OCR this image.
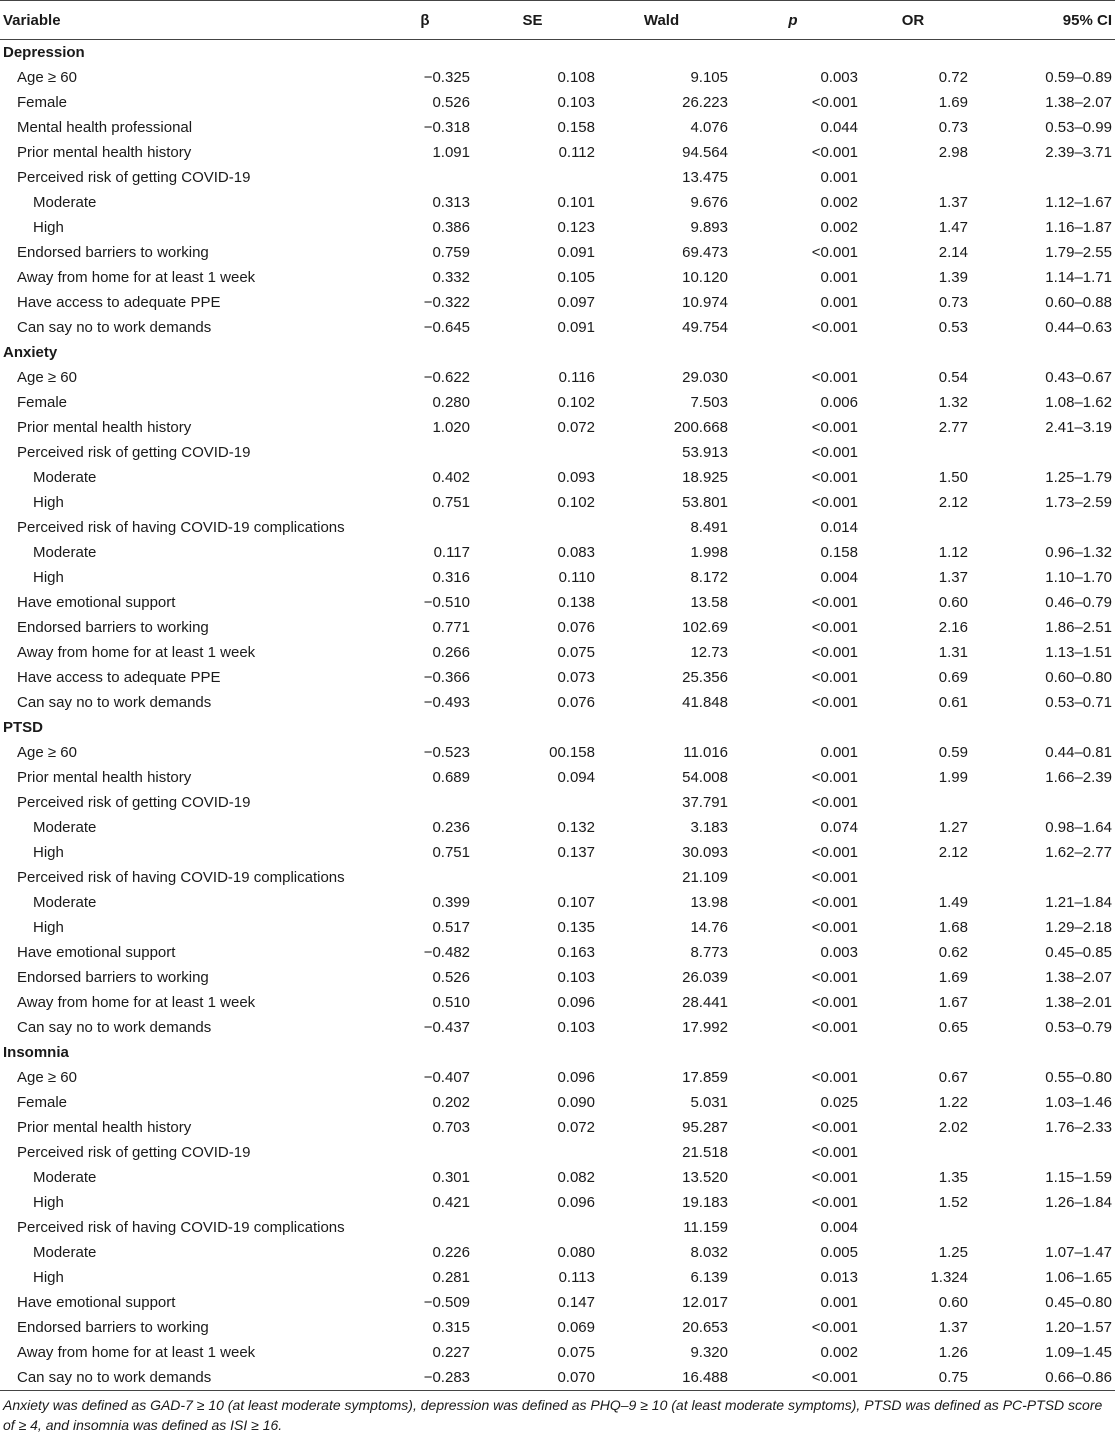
Variable	β	SE	Wald	p	OR	95% CI
Depression						
Age ≥ 60	−0.325	0.108	9.105	0.003	0.72	0.59–0.89
Female	0.526	0.103	26.223	<0.001	1.69	1.38–2.07
Mental health professional	−0.318	0.158	4.076	0.044	0.73	0.53–0.99
Prior mental health history	1.091	0.112	94.564	<0.001	2.98	2.39–3.71
Perceived risk of getting COVID-19			13.475	0.001		
Moderate	0.313	0.101	9.676	0.002	1.37	1.12–1.67
High	0.386	0.123	9.893	0.002	1.47	1.16–1.87
Endorsed barriers to working	0.759	0.091	69.473	<0.001	2.14	1.79–2.55
Away from home for at least 1 week	0.332	0.105	10.120	0.001	1.39	1.14–1.71
Have access to adequate PPE	−0.322	0.097	10.974	0.001	0.73	0.60–0.88
Can say no to work demands	−0.645	0.091	49.754	<0.001	0.53	0.44–0.63
Anxiety						
Age ≥ 60	−0.622	0.116	29.030	<0.001	0.54	0.43–0.67
Female	0.280	0.102	7.503	0.006	1.32	1.08–1.62
Prior mental health history	1.020	0.072	200.668	<0.001	2.77	2.41–3.19
Perceived risk of getting COVID-19			53.913	<0.001		
Moderate	0.402	0.093	18.925	<0.001	1.50	1.25–1.79
High	0.751	0.102	53.801	<0.001	2.12	1.73–2.59
Perceived risk of having COVID-19 complications			8.491	0.014		
Moderate	0.117	0.083	1.998	0.158	1.12	0.96–1.32
High	0.316	0.110	8.172	0.004	1.37	1.10–1.70
Have emotional support	−0.510	0.138	13.58	<0.001	0.60	0.46–0.79
Endorsed barriers to working	0.771	0.076	102.69	<0.001	2.16	1.86–2.51
Away from home for at least 1 week	0.266	0.075	12.73	<0.001	1.31	1.13–1.51
Have access to adequate PPE	−0.366	0.073	25.356	<0.001	0.69	0.60–0.80
Can say no to work demands	−0.493	0.076	41.848	<0.001	0.61	0.53–0.71
PTSD						
Age ≥ 60	−0.523	00.158	11.016	0.001	0.59	0.44–0.81
Prior mental health history	0.689	0.094	54.008	<0.001	1.99	1.66–2.39
Perceived risk of getting COVID-19			37.791	<0.001		
Moderate	0.236	0.132	3.183	0.074	1.27	0.98–1.64
High	0.751	0.137	30.093	<0.001	2.12	1.62–2.77
Perceived risk of having COVID-19 complications			21.109	<0.001		
Moderate	0.399	0.107	13.98	<0.001	1.49	1.21–1.84
High	0.517	0.135	14.76	<0.001	1.68	1.29–2.18
Have emotional support	−0.482	0.163	8.773	0.003	0.62	0.45–0.85
Endorsed barriers to working	0.526	0.103	26.039	<0.001	1.69	1.38–2.07
Away from home for at least 1 week	0.510	0.096	28.441	<0.001	1.67	1.38–2.01
Can say no to work demands	−0.437	0.103	17.992	<0.001	0.65	0.53–0.79
Insomnia						
Age ≥ 60	−0.407	0.096	17.859	<0.001	0.67	0.55–0.80
Female	0.202	0.090	5.031	0.025	1.22	1.03–1.46
Prior mental health history	0.703	0.072	95.287	<0.001	2.02	1.76–2.33
Perceived risk of getting COVID-19			21.518	<0.001		
Moderate	0.301	0.082	13.520	<0.001	1.35	1.15–1.59
High	0.421	0.096	19.183	<0.001	1.52	1.26–1.84
Perceived risk of having COVID-19 complications			11.159	0.004		
Moderate	0.226	0.080	8.032	0.005	1.25	1.07–1.47
High	0.281	0.113	6.139	0.013	1.324	1.06–1.65
Have emotional support	−0.509	0.147	12.017	0.001	0.60	0.45–0.80
Endorsed barriers to working	0.315	0.069	20.653	<0.001	1.37	1.20–1.57
Away from home for at least 1 week	0.227	0.075	9.320	0.002	1.26	1.09–1.45
Can say no to work demands	−0.283	0.070	16.488	<0.001	0.75	0.66–0.86
Anxiety was defined as GAD-7 ≥ 10 (at least moderate symptoms), depression was defined as PHQ–9 ≥ 10 (at least moderate symptoms), PTSD was defined as PC-PTSD score of ≥ 4, and insomnia was defined as ISI ≥ 16.
